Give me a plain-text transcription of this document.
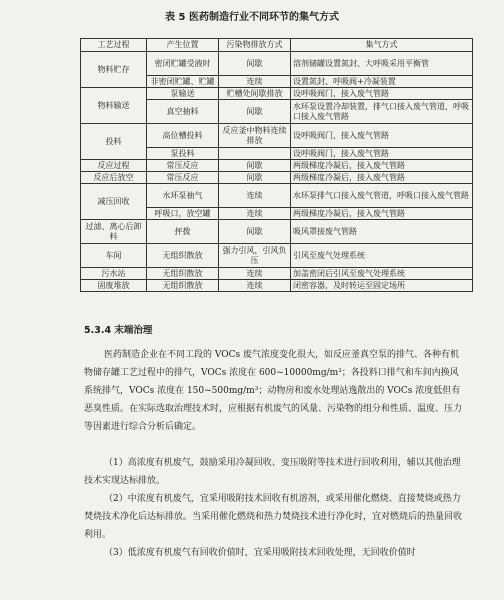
表 5 医药制造行业不同环节的集气方式
工艺过程	产生位置	污染物排放方式	集气方式
物料贮存	密闭贮罐受液时	间歇	溶剂储罐设置氮封、大呼吸采用平衡管
	非密闭贮罐、贮罐	连续	设置氮封、呼吸阀+冷凝装置
物料输送	泵输送	贮槽处间歇排放	设呼吸阀门，接入废气管路
	真空抽料	间歇	水环泵设置冷却装置，排气口接入废气管道，呼吸口接入废气管路
投料	高位槽投料	反应釜中物料连续排放	设呼吸阀门，接入废气管路
	泵投料		设呼吸阀门，接入废气管路
反应过程	常压反应	间歇	两级梯度冷凝后，接入废气管路
反应后放空	常压反应	间歇	两级梯度冷凝后，接入废气管路
减压回收	水环泵抽气	连续	水环泵排气口接入废气管道，呼吸口接入废气管路
	呼吸口，放空罐	连续	两级梯度冷凝后，接入废气管路
过滤、离心后卸料	抨拨	间歇	吸风罩接废气管路
车间	无组织散放	强力引风，引风负压	引风至废气处理系统
污水站	无组织散放	连续	加盖密闭后引风至废气处理系统
固废堆放	无组织散放	连续	闭密容器，及时转运至固定场所
5.3.4 末端治理

医药制造企业在不同工段的 VOCs 废气浓度变化很大，如反应釜真空泵的排气、各种有机物储存罐工艺过程中的排气，VOCs 浓度在 600~10000mg/m³；各投料口排气和车间内换风系统排气，VOCs 浓度在 150~500mg/m³；动物房和废水处理站逸散出的 VOCs 浓度低但有恶臭性质。在实际选取治理技术时，应根据有机废气的风量、污染物的组分和性质、温度、压力等因素进行综合分析后确定。

（1）高浓度有机废气，鼓励采用冷凝回收、变压吸附等技术进行回收利用，辅以其他治理技术实现达标排放。

（2）中浓度有机废气，宜采用吸附技术回收有机溶剂，或采用催化燃烧、直接焚烧或热力焚烧技术净化后达标排放。当采用催化燃烧和热力焚烧技术进行净化时，宜对燃烧后的热量回收利用。

（3）低浓度有机废气有回收价值时，宜采用吸附技术回收处理，无回收价值时
